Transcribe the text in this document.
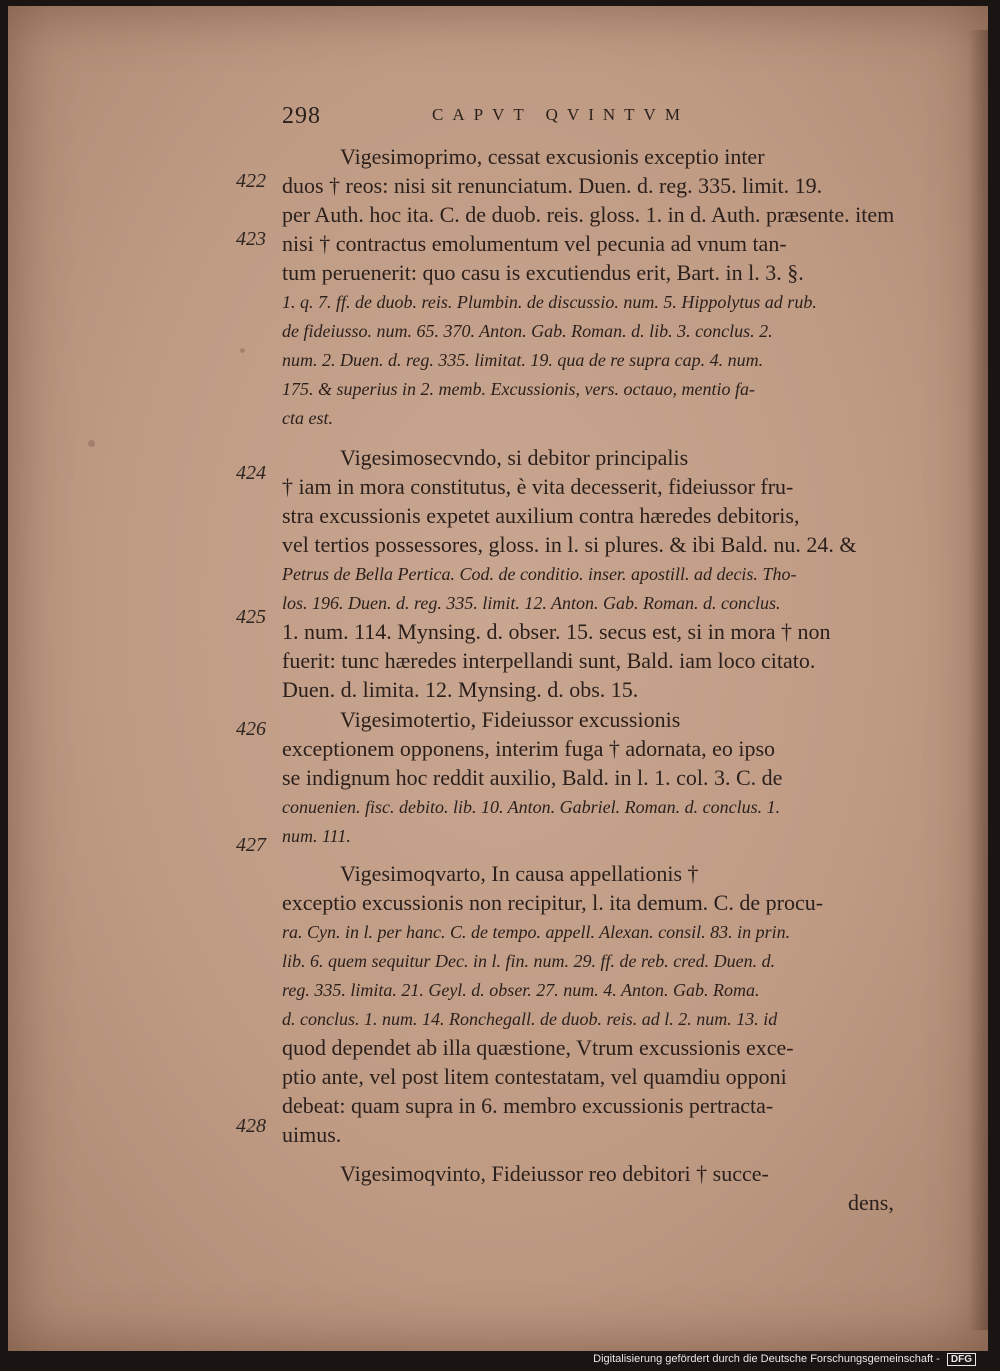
298	CAPVT QVINTVM
Vigesimoprimo, cessat excusionis exceptio inter
duos † reos: nisi sit renunciatum. Duen. d. reg. 335. limit. 19.
per Auth. hoc ita. C. de duob. reis. gloss. 1. in d. Auth. præsente. item
nisi † contractus emolumentum vel pecunia ad vnum tan-
tum peruenerit: quo casu is excutiendus erit, Bart. in l. 3. §.
1. q. 7. ff. de duob. reis. Plumbin. de discussio. num. 5. Hippolytus ad rub.
de fideiusso. num. 65. 370. Anton. Gab. Roman. d. lib. 3. conclus. 2.
num. 2. Duen. d. reg. 335. limitat. 19. qua de re supra cap. 4. num.
175. & superius in 2. memb. Excussionis, vers. octauo, mentio fa-
cta est.
Vigesimosecvndo, si debitor principalis
† iam in mora constitutus, è vita decesserit, fideiussor fru-
stra excussionis expetet auxilium contra hæredes debitoris,
vel tertios possessores, gloss. in l. si plures. & ibi Bald. nu. 24. &
Petrus de Bella Pertica. Cod. de conditio. inser. apostill. ad decis. Tho-
los. 196. Duen. d. reg. 335. limit. 12. Anton. Gab. Roman. d. conclus.
1. num. 114. Mynsing. d. obser. 15. secus est, si in mora † non
fuerit: tunc hæredes interpellandi sunt, Bald. iam loco citato.
Duen. d. limita. 12. Mynsing. d. obs. 15.
Vigesimotertio, Fideiussor excussionis
exceptionem opponens, interim fuga † adornata, eo ipso
se indignum hoc reddit auxilio, Bald. in l. 1. col. 3. C. de
conuenien. fisc. debito. lib. 10. Anton. Gabriel. Roman. d. conclus. 1.
num. 111.
Vigesimoqvarto, In causa appellationis †
exceptio excussionis non recipitur, l. ita demum. C. de procu-
ra. Cyn. in l. per hanc. C. de tempo. appell. Alexan. consil. 83. in prin.
lib. 6. quem sequitur Dec. in l. fin. num. 29. ff. de reb. cred. Duen. d.
reg. 335. limita. 21. Geyl. d. obser. 27. num. 4. Anton. Gab. Roma.
d. conclus. 1. num. 14. Ronchegall. de duob. reis. ad l. 2. num. 13. id
quod dependet ab illa quæstione, Vtrum excussionis exce-
ptio ante, vel post litem contestatam, vel quamdiu opponi
debeat: quam supra in 6. membro excussionis pertracta-
uimus.
Vigesimoqvinto, Fideiussor reo debitori † succe-
dens,
422
423
424
425
426
427
428
Digitalisierung gefördert durch die Deutsche Forschungsgemeinschaft - DFG
